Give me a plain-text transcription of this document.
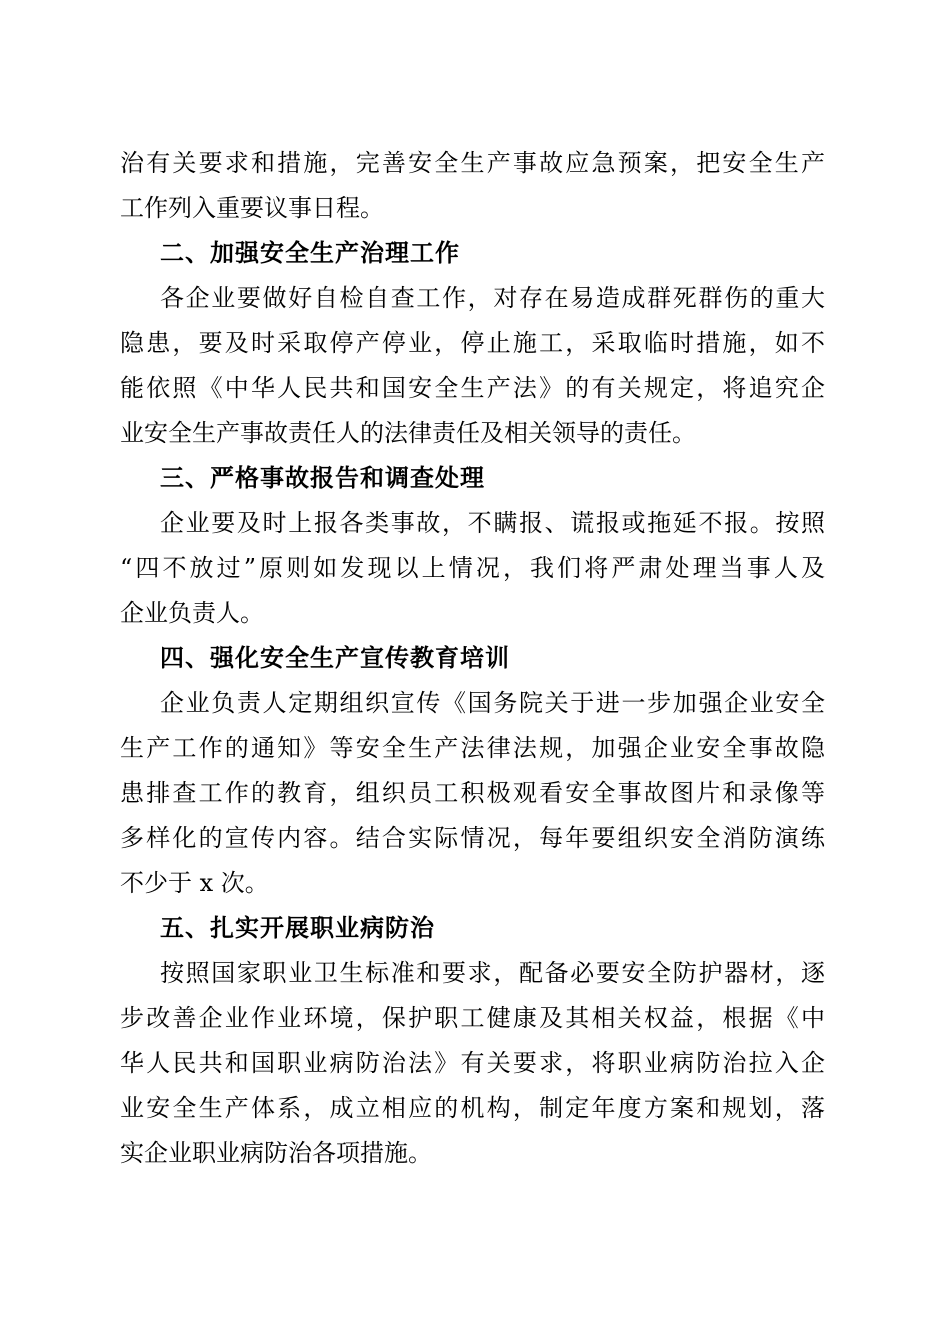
治有关要求和措施，完善安全生产事故应急预案，把安全生产
工作列入重要议事日程。
二、加强安全生产治理工作
各企业要做好自检自查工作，对存在易造成群死群伤的重大
隐患，要及时采取停产停业，停止施工，采取临时措施，如不
能依照《中华人民共和国安全生产法》的有关规定，将追究企
业安全生产事故责任人的法律责任及相关领导的责任。
三、严格事故报告和调查处理
企业要及时上报各类事故，不瞒报、谎报或拖延不报。按照
“四不放过”原则如发现以上情况，我们将严肃处理当事人及
企业负责人。
四、强化安全生产宣传教育培训
企业负责人定期组织宣传《国务院关于进一步加强企业安全
生产工作的通知》等安全生产法律法规，加强企业安全事故隐
患排查工作的教育，组织员工积极观看安全事故图片和录像等
多样化的宣传内容。结合实际情况，每年要组织安全消防演练
不少于 x 次。
五、扎实开展职业病防治
按照国家职业卫生标准和要求，配备必要安全防护器材，逐
步改善企业作业环境，保护职工健康及其相关权益，根据《中
华人民共和国职业病防治法》有关要求，将职业病防治拉入企
业安全生产体系，成立相应的机构，制定年度方案和规划，落
实企业职业病防治各项措施。
